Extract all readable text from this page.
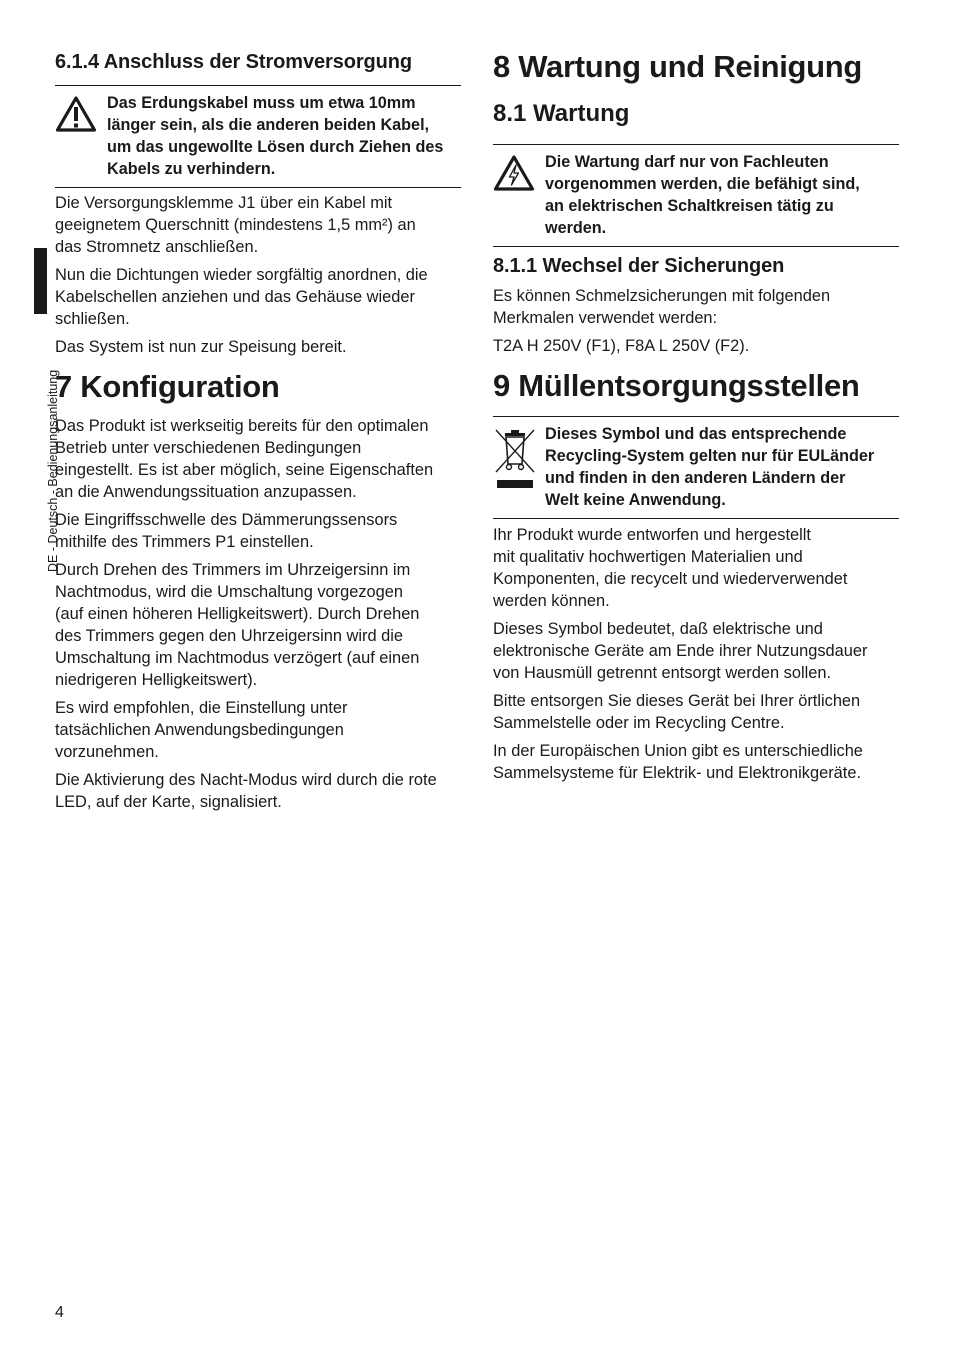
DE - Deutsch - Bedienungsanleitung
6.1.4 Anschluss der Stromversorgung
Das Erdungskabel muss um etwa 10mm
länger sein, als die anderen beiden Kabel,
um das ungewollte Lösen durch Ziehen des
Kabels zu verhindern.

Die Versorgungsklemme J1 über ein Kabel mit
geeignetem Querschnitt (mindestens 1,5 mm²) an
das Stromnetz anschließen.

Nun die Dichtungen wieder sorgfältig anordnen, die
Kabelschellen anziehen und das Gehäuse wieder
schließen.

Das System ist nun zur Speisung bereit.

7 Konfiguration

Das Produkt ist werkseitig bereits für den optimalen
Betrieb unter verschiedenen Bedingungen
eingestellt. Es ist aber möglich, seine Eigenschaften
an die Anwendungssituation anzupassen.

Die Eingriffsschwelle des Dämmerungssensors
mithilfe des Trimmers P1 einstellen.

Durch Drehen des Trimmers im Uhrzeigersinn im
Nachtmodus, wird die Umschaltung vorgezogen
(auf einen höheren Helligkeitswert). Durch Drehen
des Trimmers gegen den Uhrzeigersinn wird die
Umschaltung im Nachtmodus verzögert (auf einen
niedrigeren Helligkeitswert).

Es wird empfohlen, die Einstellung unter
tatsächlichen Anwendungsbedingungen
vorzunehmen.

Die Aktivierung des Nacht-Modus wird durch die rote
LED, auf der Karte, signalisiert.

8 Wartung und Reinigung
8.1 Wartung
Die Wartung darf nur von Fachleuten
vorgenommen werden, die befähigt sind,
an elektrischen Schaltkreisen tätig zu
werden.
8.1.1 Wechsel der Sicherungen

Es können Schmelzsicherungen mit folgenden
Merkmalen verwendet werden:

T2A H 250V (F1), F8A L 250V (F2).

9 Müllentsorgungsstellen
Dieses Symbol und das entsprechende
Recycling-System gelten nur für EULänder
und finden in den anderen Ländern der
Welt keine Anwendung.

Ihr Produkt wurde entworfen und hergestellt
mit qualitativ hochwertigen Materialien und
Komponenten, die recycelt und wiederverwendet
werden können.

Dieses Symbol bedeutet, daß elektrische und
elektronische Geräte am Ende ihrer Nutzungsdauer
von Hausmüll getrennt entsorgt werden sollen.

Bitte entsorgen Sie dieses Gerät bei Ihrer örtlichen
Sammelstelle oder im Recycling Centre.

In der Europäischen Union gibt es unterschiedliche
Sammelsysteme für Elektrik- und Elektronikgeräte.

4
